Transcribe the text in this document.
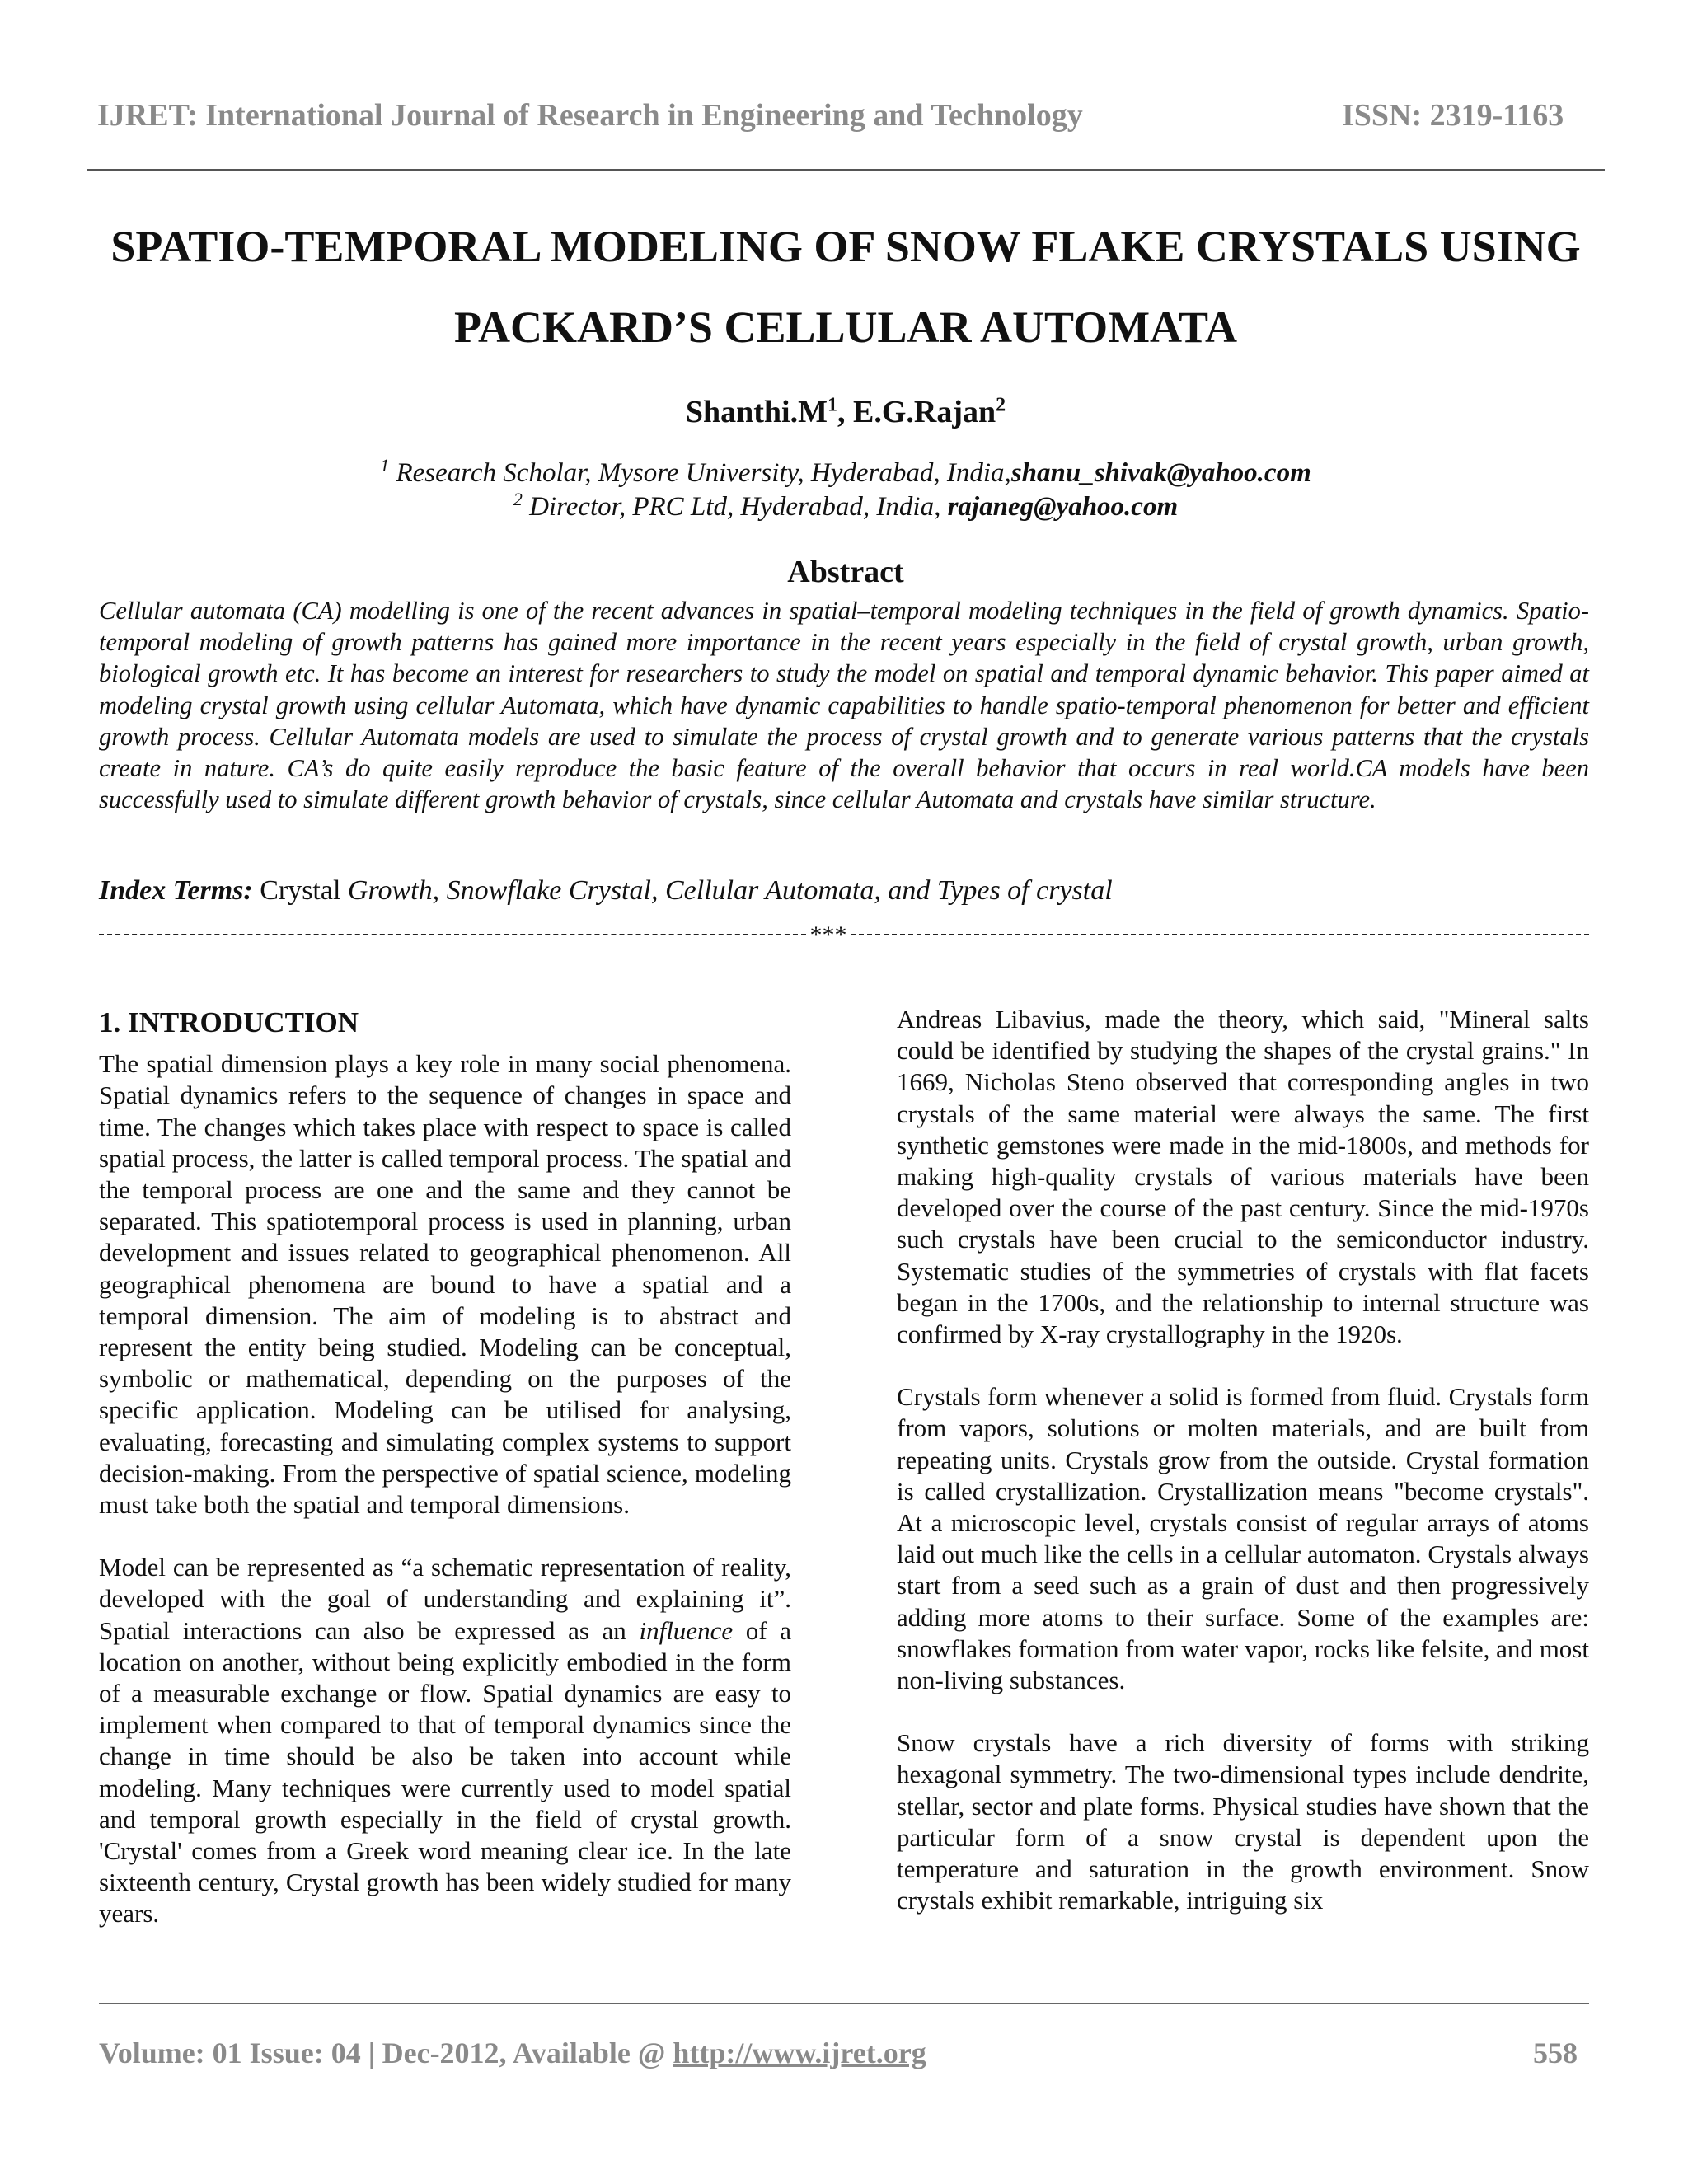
IJRET: International Journal of Research in Engineering and Technology	ISSN: 2319-1163
SPATIO-TEMPORAL MODELING OF SNOW FLAKE CRYSTALS USING
PACKARD’S CELLULAR AUTOMATA
$Shanthi.M^1$, E.G.Rajan$^2$
$^1$ Research Scholar, Mysore University, Hyderabad, India,shanu_shivak@yahoo.com
$^2$ Director, PRC Ltd, Hyderabad, India, rajaneg@yahoo.com
Abstract
Cellular automata (CA) modelling is one of the recent advances in spatial–temporal modeling techniques in the field of growth dynamics. Spatio-temporal modeling of growth patterns has gained more importance in the recent years especially in the field of crystal growth, urban growth, biological growth etc. It has become an interest for researchers to study the model on spatial and temporal dynamic behavior. This paper aimed at modeling crystal growth using cellular Automata, which have dynamic capabilities to handle spatio-temporal phenomenon for better and efficient growth process. Cellular Automata models are used to simulate the process of crystal growth and to generate various patterns that the crystals create in nature. CA’s do quite easily reproduce the basic feature of the overall behavior that occurs in real world.CA models have been successfully used to simulate different growth behavior of crystals, since cellular Automata and crystals have similar structure.
Index Terms: Crystal Growth, Snowflake Crystal, Cellular Automata, and Types of crystal
***
1. INTRODUCTION

The spatial dimension plays a key role in many social phenomena. Spatial dynamics refers to the sequence of changes in space and time. The changes which takes place with respect to space is called spatial process, the latter is called temporal process. The spatial and the temporal process are one and the same and they cannot be separated. This spatiotemporal process is used in planning, urban development and issues related to geographical phenomenon. All geographical phenomena are bound to have a spatial and a temporal dimension. The aim of modeling is to abstract and represent the entity being studied. Modeling can be conceptual, symbolic or mathematical, depending on the purposes of the specific application. Modeling can be utilised for analysing, evaluating, forecasting and simulating complex systems to support decision-making. From the perspective of spatial science, modeling must take both the spatial and temporal dimensions.

Model can be represented as “a schematic representation of reality, developed with the goal of understanding and explaining it”. Spatial interactions can also be expressed as an influence of a location on another, without being explicitly embodied in the form of a measurable exchange or flow. Spatial dynamics are easy to implement when compared to that of temporal dynamics since the change in time should be also be taken into account while modeling. Many techniques were currently used to model spatial and temporal growth especially in the field of crystal growth. 'Crystal' comes from a Greek word meaning clear ice. In the late sixteenth century, Crystal growth has been widely studied for many years.

Andreas Libavius, made the theory, which said, "Mineral salts could be identified by studying the shapes of the crystal grains." In 1669, Nicholas Steno observed that corresponding angles in two crystals of the same material were always the same. The first synthetic gemstones were made in the mid-1800s, and methods for making high-quality crystals of various materials have been developed over the course of the past century. Since the mid-1970s such crystals have been crucial to the semiconductor industry. Systematic studies of the symmetries of crystals with flat facets began in the 1700s, and the relationship to internal structure was confirmed by X-ray crystallography in the 1920s.

Crystals form whenever a solid is formed from fluid. Crystals form from vapors, solutions or molten materials, and are built from repeating units. Crystals grow from the outside. Crystal formation is called crystallization. Crystallization means "become crystals". At a microscopic level, crystals consist of regular arrays of atoms laid out much like the cells in a cellular automaton. Crystals always start from a seed such as a grain of dust and then progressively adding more atoms to their surface. Some of the examples are: snowflakes formation from water vapor, rocks like felsite, and most non-living substances.

Snow crystals have a rich diversity of forms with striking hexagonal symmetry. The two-dimensional types include dendrite, stellar, sector and plate forms. Physical studies have shown that the particular form of a snow crystal is dependent upon the temperature and saturation in the growth environment. Snow crystals exhibit remarkable, intriguing six

Volume: 01 Issue: 04 | Dec-2012, Available @ http://www.ijret.org	558
